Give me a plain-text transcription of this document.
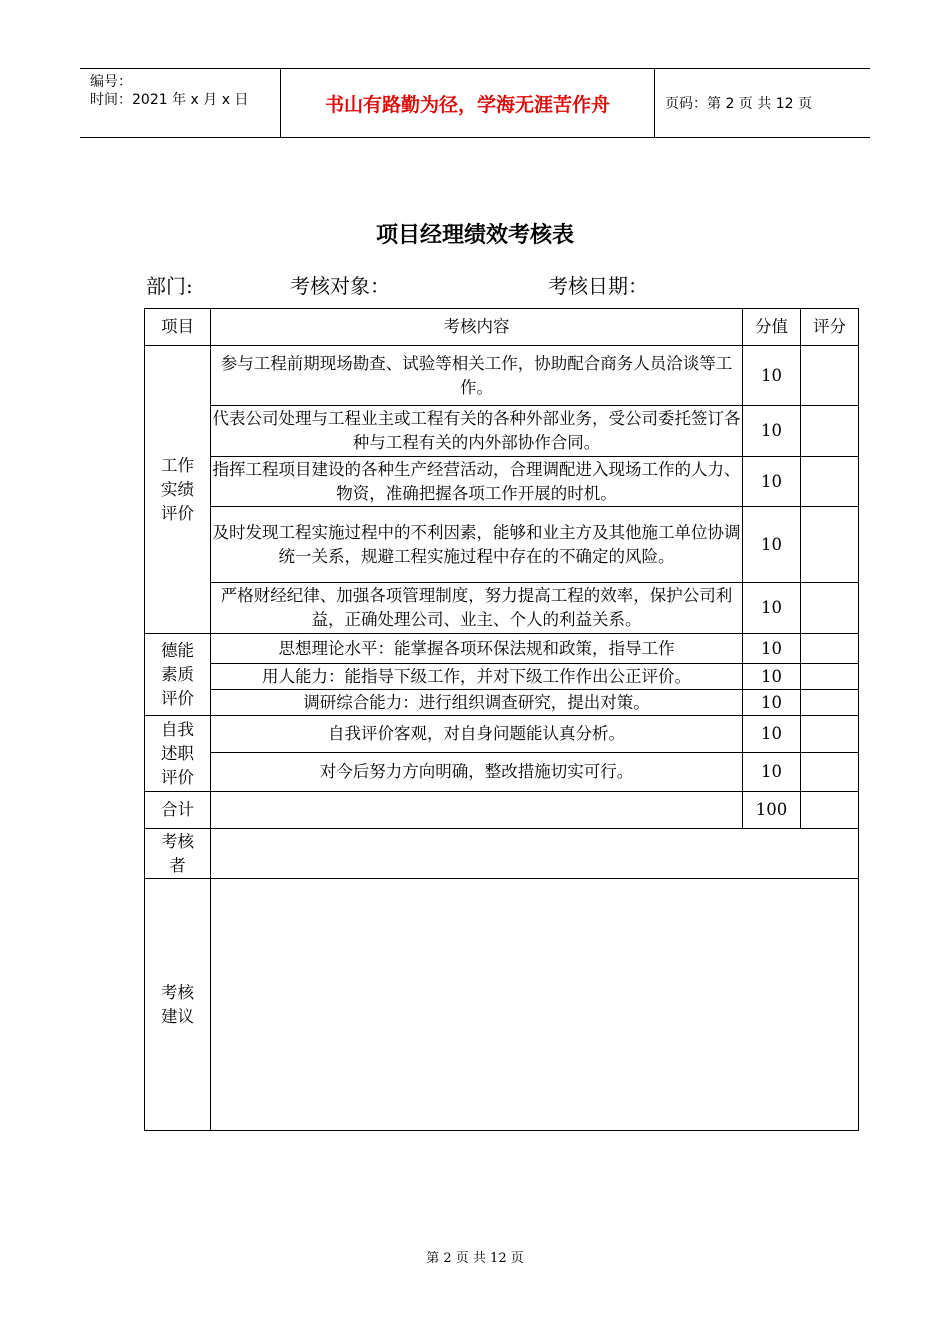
编号：
时间：2021 年 x 月 x 日	书山有路勤为径，学海无涯苦作舟	页码：第 2 页 共 12 页
项目经理绩效考核表
部门:	考核对象：	考核日期：
项目	考核内容	分值	评分
工作实绩评价	参与工程前期现场勘查、试验等相关工作，协助配合商务人员洽谈等工作。	10	
	代表公司处理与工程业主或工程有关的各种外部业务，受公司委托签订各种与工程有关的内外部协作合同。	10	
	指挥工程项目建设的各种生产经营活动，合理调配进入现场工作的人力、物资，准确把握各项工作开展的时机。	10	
	及时发现工程实施过程中的不利因素，能够和业主方及其他施工单位协调统一关系，规避工程实施过程中存在的不确定的风险。	10	
	严格财经纪律、加强各项管理制度，努力提高工程的效率，保护公司利益，正确处理公司、业主、个人的利益关系。	10	
德能素质评价	思想理论水平：能掌握各项环保法规和政策，指导工作	10	
	用人能力：能指导下级工作，并对下级工作作出公正评价。	10	
	调研综合能力：进行组织调查研究，提出对策。	10	
自我述职评价	自我评价客观，对自身问题能认真分析。	10	
	对今后努力方向明确，整改措施切实可行。	10	
合计		100	
考核者			
考核建议			
第 2 页 共 12 页
